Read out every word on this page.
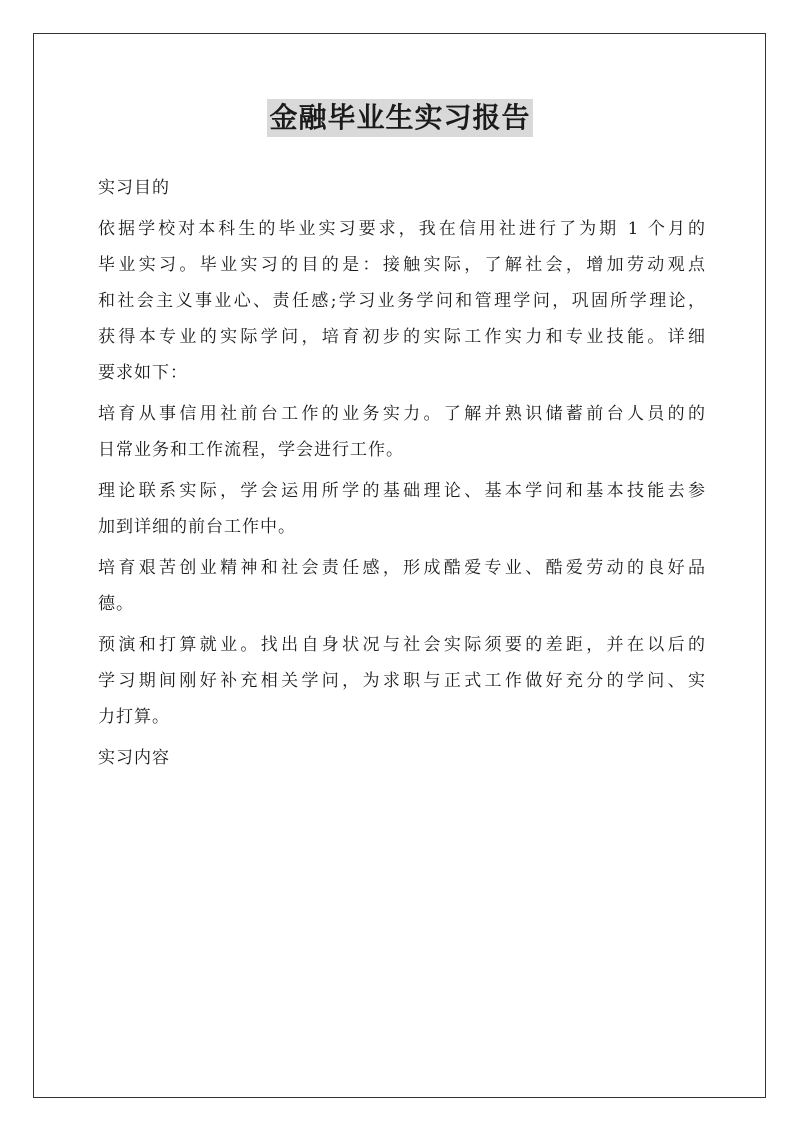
金融毕业生实习报告
实习目的
依据学校对本科生的毕业实习要求，我在信用社进行了为期 1 个月的
毕业实习。毕业实习的目的是：接触实际，了解社会，增加劳动观点
和社会主义事业心、责任感;学习业务学问和管理学问，巩固所学理论，
获得本专业的实际学问，培育初步的实际工作实力和专业技能。详细
要求如下：
培育从事信用社前台工作的业务实力。了解并熟识储蓄前台人员的的
日常业务和工作流程，学会进行工作。
理论联系实际，学会运用所学的基础理论、基本学问和基本技能去参
加到详细的前台工作中。
培育艰苦创业精神和社会责任感，形成酷爱专业、酷爱劳动的良好品
德。
预演和打算就业。找出自身状况与社会实际须要的差距，并在以后的
学习期间刚好补充相关学问，为求职与正式工作做好充分的学问、实
力打算。
实习内容
